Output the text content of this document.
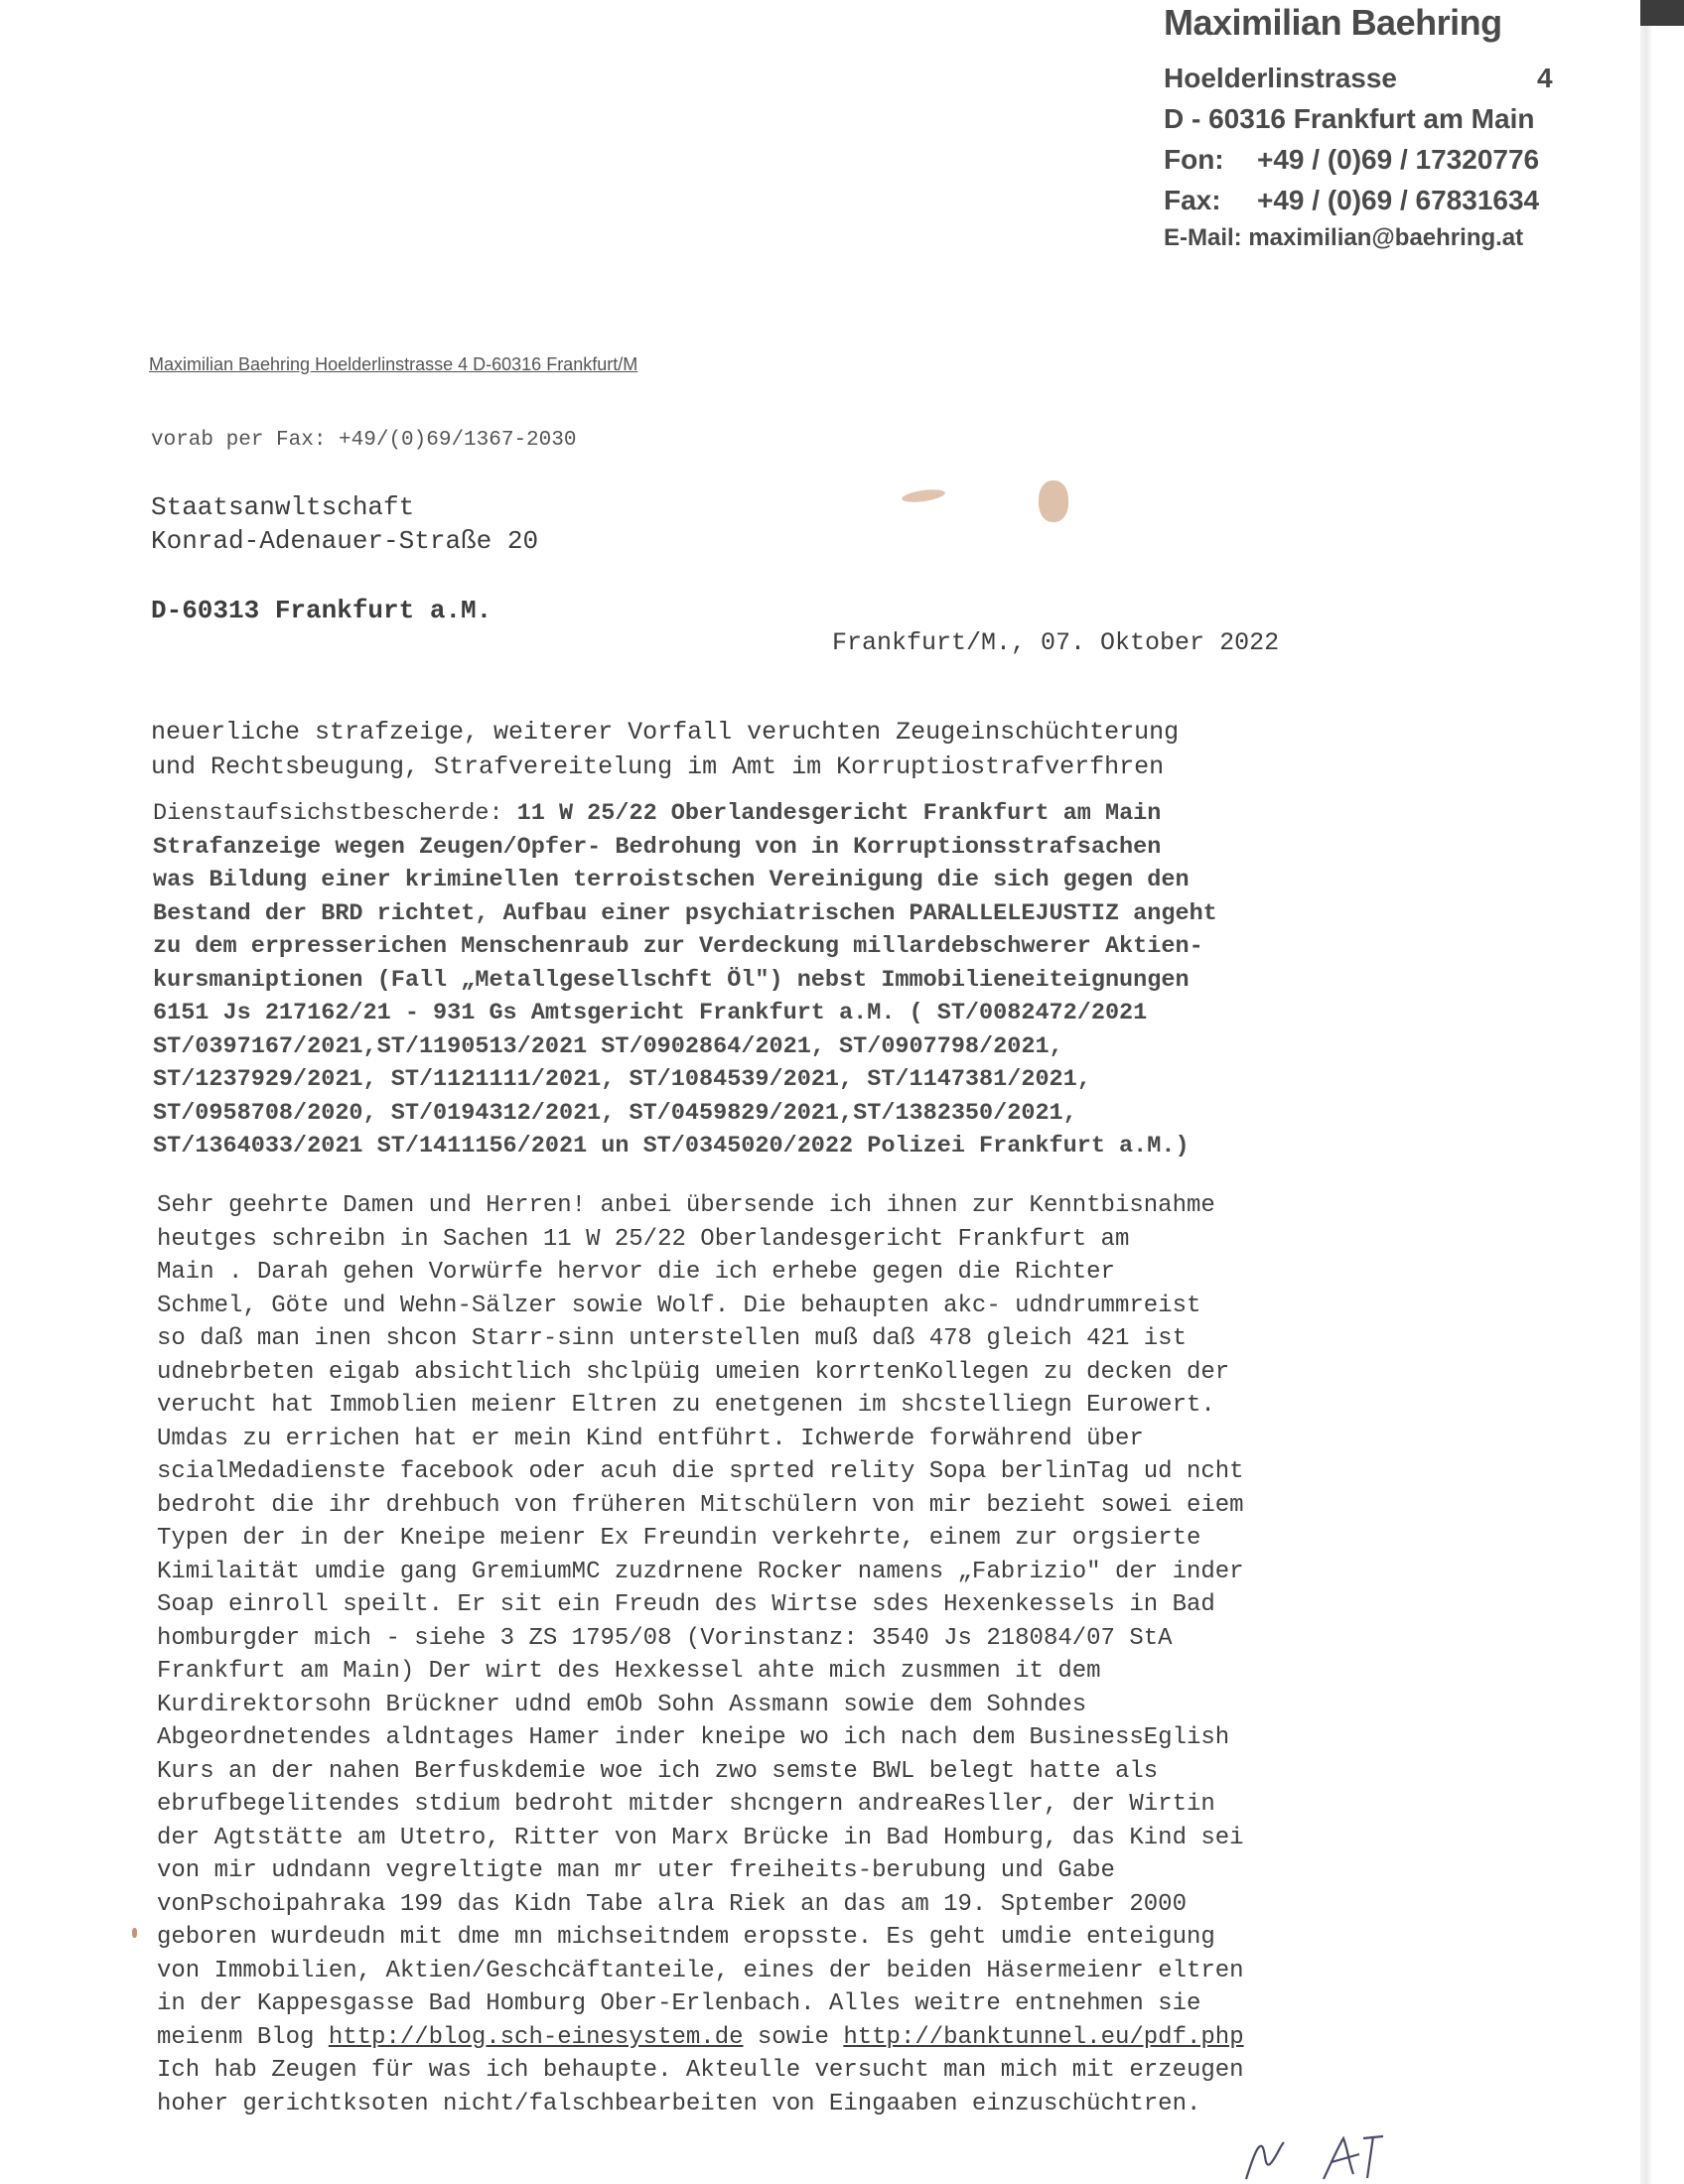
Maximilian Baehring
Hoelderlinstrasse	4
D - 60316 Frankfurt am Main
Fon: +49 / (0)69 / 17320776
Fax: +49 / (0)69 / 67831634
E-Mail: maximilian@baehring.at
Maximilian Baehring Hoelderlinstrasse 4 D-60316 Frankfurt/M
vorab per Fax: +49/(0)69/1367-2030
Staatsanwltschaft
Konrad-Adenauer-Straße 20
D-60313 Frankfurt a.M.
Frankfurt/M., 07. Oktober 2022
neuerliche strafzeige, weiterer Vorfall veruchten Zeugeinschüchterung
und Rechtsbeugung, Strafvereitelung im Amt im Korruptiostrafverfhren
Dienstaufsichstbescherde: 11 W 25/22 Oberlandesgericht Frankfurt am Main
Strafanzeige wegen Zeugen/Opfer- Bedrohung von in Korruptionsstrafsachen
was Bildung einer kriminellen terroistschen Vereinigung die sich gegen den
Bestand der BRD richtet, Aufbau einer psychiatrischen PARALLELEJUSTIZ angeht
zu dem erpresserichen Menschenraub zur Verdeckung millardebschwerer Aktien-
kursmaniptionen (Fall „Metallgesellschft Öl") nebst Immobilieneiteignungen
6151 Js 217162/21 - 931 Gs Amtsgericht Frankfurt a.M. ( ST/0082472/2021
ST/0397167/2021,ST/1190513/2021 ST/0902864/2021, ST/0907798/2021,
ST/1237929/2021, ST/1121111/2021, ST/1084539/2021, ST/1147381/2021,
ST/0958708/2020, ST/0194312/2021, ST/0459829/2021,ST/1382350/2021,
ST/1364033/2021 ST/1411156/2021 un ST/0345020/2022 Polizei Frankfurt a.M.)
Sehr geehrte Damen und Herren! anbei übersende ich ihnen zur Kenntbisnahme
heutges schreibn in Sachen 11 W 25/22 Oberlandesgericht Frankfurt am
Main . Darah gehen Vorwürfe hervor die ich erhebe gegen die Richter
Schmel, Göte und Wehn-Sälzer sowie Wolf. Die behaupten akc- udndrummreist
so daß man inen shcon Starr-sinn unterstellen muß daß 478 gleich 421 ist
udnebrbeten eigab absichtlich shclpüig umeien korrtenKollegen zu decken der
verucht hat Immoblien meienr Eltren zu enetgenen im shcstelliegn Eurowert.
Umdas zu errichen hat er mein Kind entführt. Ichwerde forwährend über
scialMedadienste facebook oder acuh die sprted relity Sopa berlinTag ud ncht
bedroht die ihr drehbuch von früheren Mitschülern von mir bezieht sowei eiem
Typen der in der Kneipe meienr Ex Freundin verkehrte, einem zur orgsierte
Kimilaität umdie gang GremiumMC zuzdrnene Rocker namens „Fabrizio" der inder
Soap einroll speilt. Er sit ein Freudn des Wirtse sdes Hexenkessels in Bad
homburgder mich - siehe 3 ZS 1795/08 (Vorinstanz: 3540 Js 218084/07 StA
Frankfurt am Main) Der wirt des Hexkessel ahte mich zusmmen it dem
Kurdirektorsohn Brückner udnd emOb Sohn Assmann sowie dem Sohndes
Abgeordnetendes aldntages Hamer inder kneipe wo ich nach dem BusinessEglish
Kurs an der nahen Berfuskdemie woe ich zwo semste BWL belegt hatte als
ebrufbegelitendes stdium bedroht mitder shcngern andreaResller, der Wirtin
der Agtstätte am Utetro, Ritter von Marx Brücke in Bad Homburg, das Kind sei
von mir udndann vegreltigte man mr uter freiheits-berubung und Gabe
vonPschoipahraka 199 das Kidn Tabe alra Riek an das am 19. Sptember 2000
geboren wurdeudn mit dme mn michseitndem eropsste. Es geht umdie enteigung
von Immobilien, Aktien/Geschcäftanteile, eines der beiden Häsermeienr eltren
in der Kappesgasse Bad Homburg Ober-Erlenbach. Alles weitre entnehmen sie
meienm Blog http://blog.sch-einesystem.de sowie http://banktunnel.eu/pdf.php
Ich hab Zeugen für was ich behaupte. Akteulle versucht man mich mit erzeugen
hoher gerichtksoten nicht/falschbearbeiten von Eingaaben einzuschüchtren.
